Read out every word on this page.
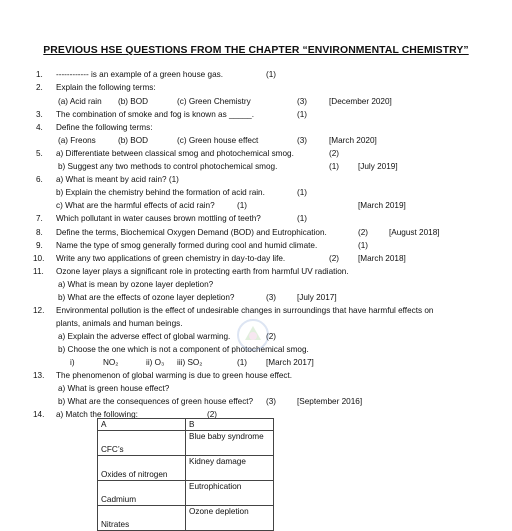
PREVIOUS HSE QUESTIONS FROM THE CHAPTER “ENVIRONMENTAL CHEMISTRY”
1. ------------ is an example of a green house gas.	(1)
2. Explain the following terms:
(a) Acid rain (b) BOD	(c) Green Chemistry	(3)	[December 2020]
3. The combination of smoke and fog is known as _____.	(1)
4. Define the following terms:
(a) Freons	(b) BOD	(c) Green house effect	(3)	[March 2020]
5. a) Differentiate between classical smog and photochemical smog.	(2)
b) Suggest any two methods to control photochemical smog.	(1) [July 2019]
6. a) What is meant by acid rain? (1)
b) Explain the chemistry behind the formation of acid rain.	(1)
c) What are the harmful effects of acid rain?	(1)	[March 2019]
7. Which pollutant in water causes brown mottling of teeth?	(1)
8. Define the terms, Biochemical Oxygen Demand (BOD) and Eutrophication.	(2)	[August 2018]
9. Name the type of smog generally formed during cool and humid climate.	(1)
10. Write any two applications of green chemistry in day-to-day life.	(2) [March 2018]
11. Ozone layer plays a significant role in protecting earth from harmful UV radiation.
a) What is mean by ozone layer depletion?
b) What are the effects of ozone layer depletion?	(3)	[July 2017]
12. Environmental pollution is the effect of undesirable changes in surroundings that have harmful effects on
plants, animals and human beings.
a) Explain the adverse effect of global warming.	(2)
b) Choose the one which is not a component of photochemical smog.
i)	NO₂	ii) O₃ iii) SO₂	(1) [March 2017]
13. The phenomenon of global warming is due to green house effect.
a) What is green house effect?
b) What are the consequences of green house effect? (3)	[September 2016]
14. a) Match the following:	(2)
A	B
CFC’s	Blue baby syndrome
Oxides of nitrogen	Kidney damage
Cadmium	Eutrophication
Nitrates	Ozone depletion
